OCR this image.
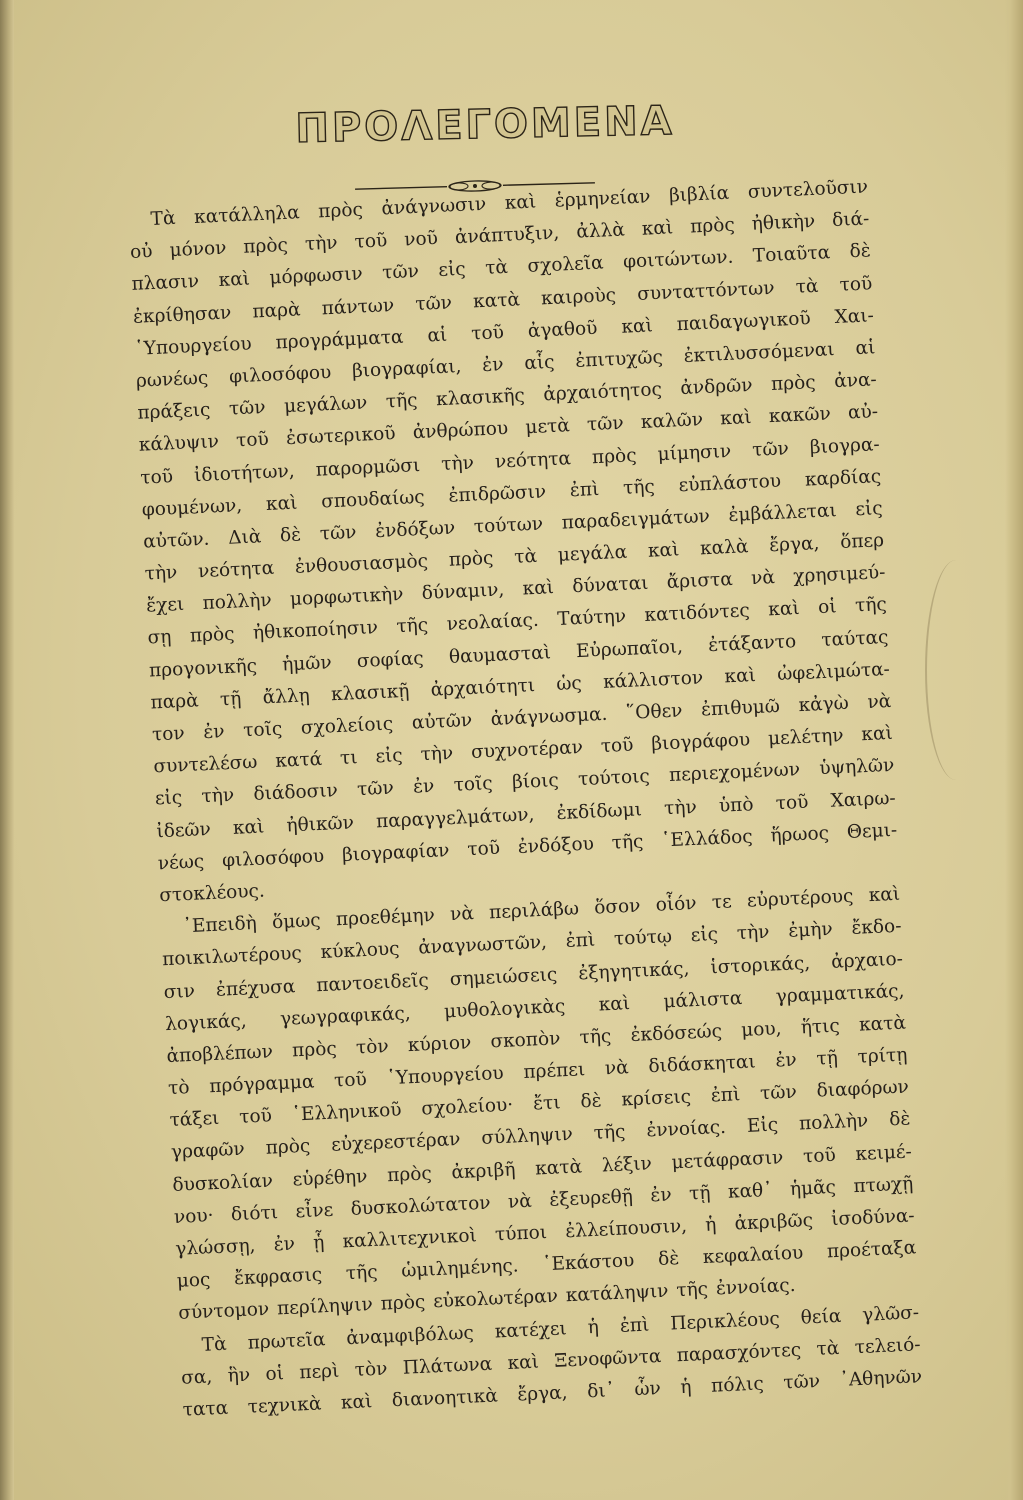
ΠΡΟΛΕΓΟΜΕΝΑ
Τὰ κατάλληλα πρὸς ἀνάγνωσιν καὶ ἑρμηνείαν βιβλία συντελοῦσιν
οὐ μόνον πρὸς τὴν τοῦ νοῦ ἀνάπτυξιν, ἀλλὰ καὶ πρὸς ἠθικὴν διά-
πλασιν καὶ μόρφωσιν τῶν εἰς τὰ σχολεῖα φοιτώντων. Τοιαῦτα δὲ
ἐκρίθησαν παρὰ πάντων τῶν κατὰ καιροὺς συνταττόντων τὰ τοῦ
῾Υπουργείου προγράμματα αἱ τοῦ ἀγαθοῦ καὶ παιδαγωγικοῦ Χαι-
ρωνέως φιλοσόφου βιογραφίαι, ἐν αἷς ἐπιτυχῶς ἐκτιλυσσόμεναι αἱ
πράξεις τῶν μεγάλων τῆς κλασικῆς ἀρχαιότητος ἀνδρῶν πρὸς ἀνα-
κάλυψιν τοῦ ἐσωτερικοῦ ἀνθρώπου μετὰ τῶν καλῶν καὶ κακῶν αὐ-
τοῦ ἰδιοτήτων, παρορμῶσι τὴν νεότητα πρὸς μίμησιν τῶν βιογρα-
φουμένων, καὶ σπουδαίως ἐπιδρῶσιν ἐπὶ τῆς εὐπλάστου καρδίας
αὐτῶν. Διὰ δὲ τῶν ἐνδόξων τούτων παραδειγμάτων ἐμβάλλεται εἰς
τὴν νεότητα ἐνθουσιασμὸς πρὸς τὰ μεγάλα καὶ καλὰ ἔργα, ὅπερ
ἔχει πολλὴν μορφωτικὴν δύναμιν, καὶ δύναται ἄριστα νὰ χρησιμεύ-
σῃ πρὸς ἠθικοποίησιν τῆς νεολαίας. Ταύτην κατιδόντες καὶ οἱ τῆς
προγονικῆς ἡμῶν σοφίας θαυμασταὶ Εὐρωπαῖοι, ἐτάξαντο ταύτας
παρὰ τῇ ἄλλῃ κλασικῇ ἀρχαιότητι ὡς κάλλιστον καὶ ὠφελιμώτα-
τον ἐν τοῖς σχολείοις αὐτῶν ἀνάγνωσμα. ῞Οθεν ἐπιθυμῶ κἀγὼ νὰ
συντελέσω κατά τι εἰς τὴν συχνοτέραν τοῦ βιογράφου μελέτην καὶ
εἰς τὴν διάδοσιν τῶν ἐν τοῖς βίοις τούτοις περιεχομένων ὑψηλῶν
ἰδεῶν καὶ ἠθικῶν παραγγελμάτων, ἐκδίδωμι τὴν ὑπὸ τοῦ Χαιρω-
νέως φιλοσόφου βιογραφίαν τοῦ ἐνδόξου τῆς ῾Ελλάδος ἥρωος Θεμι-
στοκλέους.
᾿Επειδὴ ὅμως προεθέμην νὰ περιλάβω ὅσον οἷόν τε εὐρυτέρους καὶ
ποικιλωτέρους κύκλους ἀναγνωστῶν, ἐπὶ τούτῳ εἰς τὴν ἐμὴν ἔκδο-
σιν ἐπέχυσα παντοειδεῖς σημειώσεις ἐξηγητικάς, ἱστορικάς, ἀρχαιο-
λογικάς, γεωγραφικάς, μυθολογικὰς καὶ μάλιστα γραμματικάς,
ἀποβλέπων πρὸς τὸν κύριον σκοπὸν τῆς ἐκδόσεώς μου, ἥτις κατὰ
τὸ πρόγραμμα τοῦ ῾Υπουργείου πρέπει νὰ διδάσκηται ἐν τῇ τρίτῃ
τάξει τοῦ ῾Ελληνικοῦ σχολείου· ἔτι δὲ κρίσεις ἐπὶ τῶν διαφόρων
γραφῶν πρὸς εὐχερεστέραν σύλληψιν τῆς ἐννοίας. Εἰς πολλὴν δὲ
δυσκολίαν εὑρέθην πρὸς ἀκριβῆ κατὰ λέξιν μετάφρασιν τοῦ κειμέ-
νου· διότι εἶνε δυσκολώτατον νὰ ἐξευρεθῇ ἐν τῇ καθ᾿ ἡμᾶς πτωχῇ
γλώσσῃ, ἐν ᾗ καλλιτεχνικοὶ τύποι ἐλλείπουσιν, ἡ ἀκριβῶς ἰσοδύνα-
μος ἔκφρασις τῆς ὡμιλημένης. ῾Εκάστου δὲ κεφαλαίου προέταξα
σύντομον περίληψιν πρὸς εὐκολωτέραν κατάληψιν τῆς ἐννοίας.
Τὰ πρωτεῖα ἀναμφιβόλως κατέχει ἡ ἐπὶ Περικλέους θεία γλῶσ-
σα, ἣν οἱ περὶ τὸν Πλάτωνα καὶ Ξενοφῶντα παρασχόντες τὰ τελειό-
τατα τεχνικὰ καὶ διανοητικὰ ἔργα, δι᾿ ὧν ἡ πόλις τῶν ᾿Αθηνῶν
